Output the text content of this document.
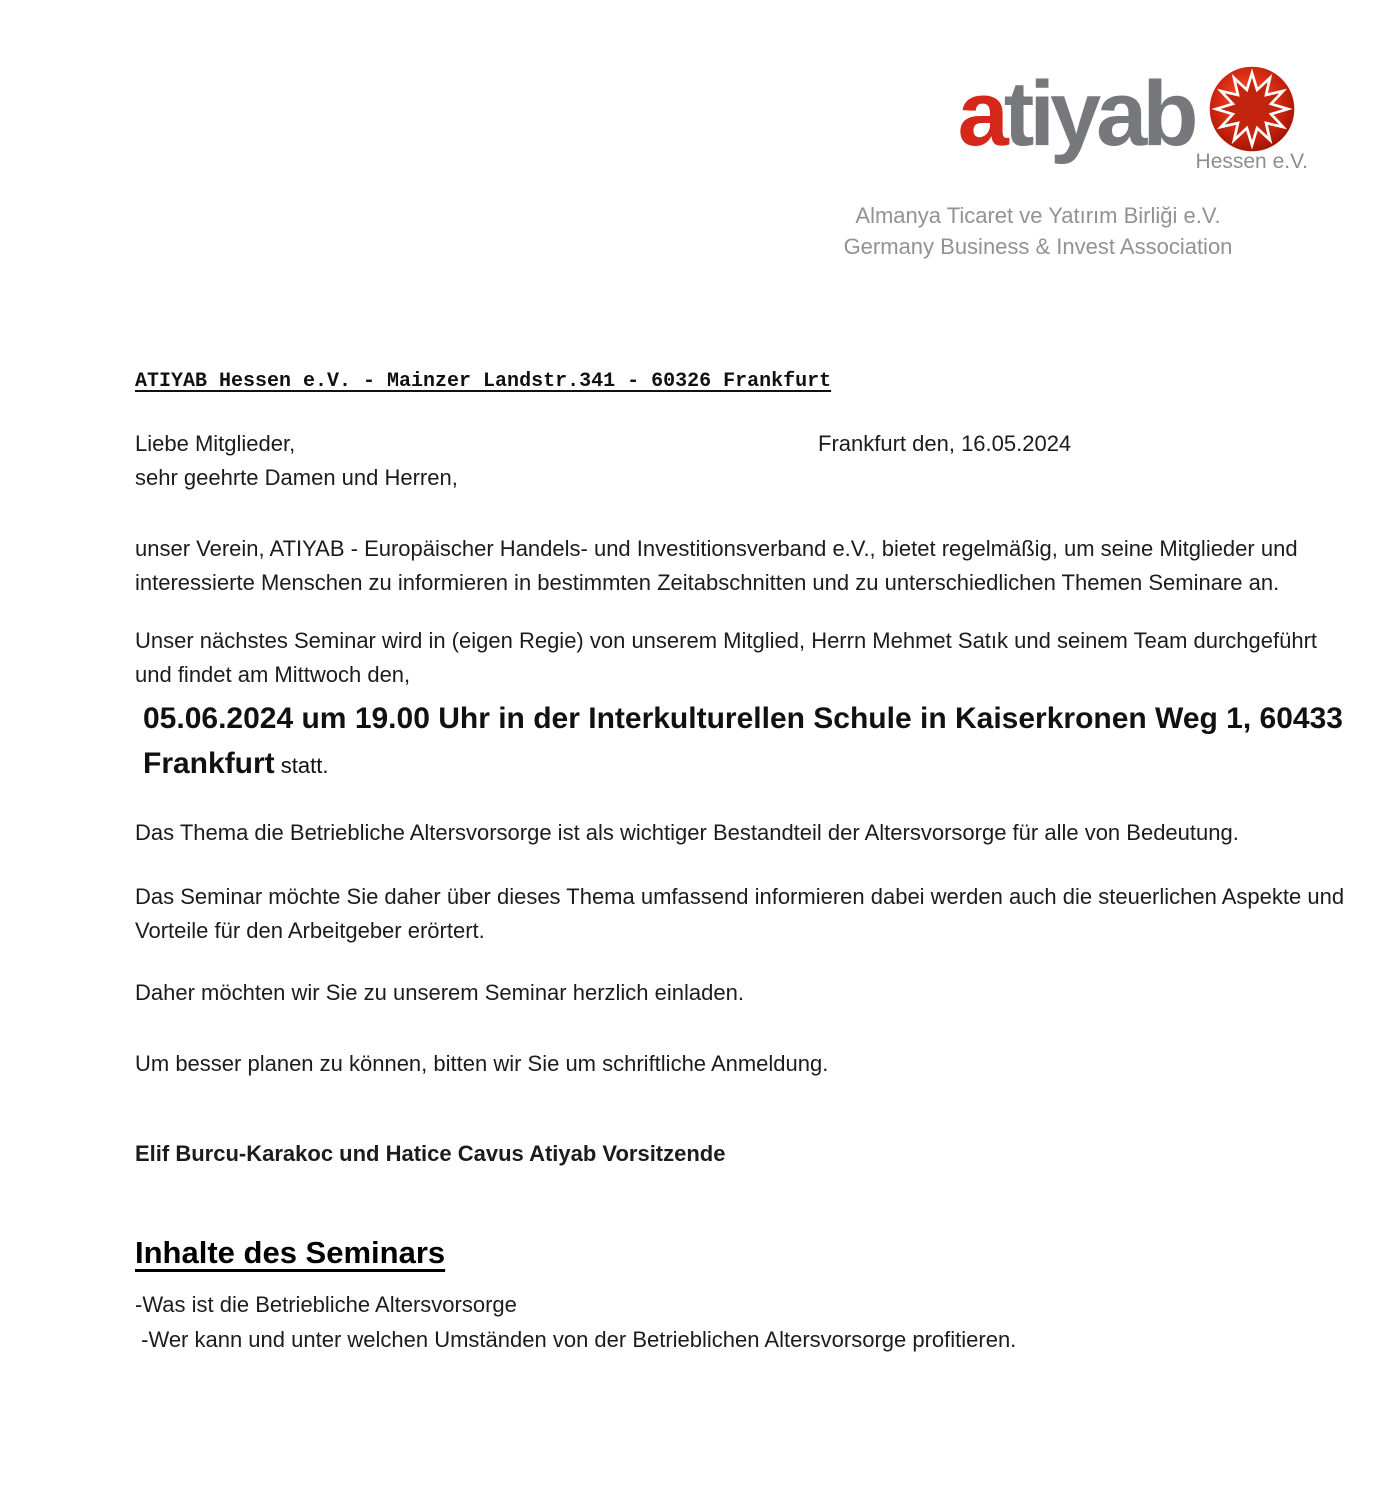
atiyab Hessen e.V.
Almanya Ticaret ve Yatırım Birliği e.V.
Germany Business & Invest Association

ATIYAB Hessen e.V. - Mainzer Landstr.341 - 60326 Frankfurt

Liebe Mitglieder,	Frankfurt den, 16.05.2024
sehr geehrte Damen und Herren,

unser Verein, ATIYAB - Europäischer Handels- und Investitionsverband e.V., bietet regelmäßig, um seine Mitglieder und interessierte Menschen zu informieren in bestimmten Zeitabschnitten und zu unterschiedlichen Themen Seminare an.

Unser nächstes Seminar wird in (eigen Regie) von unserem Mitglied, Herrn Mehmet Satık und seinem Team durchgeführt und findet am Mittwoch den,

05.06.2024 um 19.00 Uhr in der Interkulturellen Schule in Kaiserkronen Weg 1, 60433 Frankfurt statt.

Das Thema die Betriebliche Altersvorsorge ist als wichtiger Bestandteil der Altersvorsorge für alle von Bedeutung.

Das Seminar möchte Sie daher über dieses Thema umfassend informieren dabei werden auch die steuerlichen Aspekte und Vorteile für den Arbeitgeber erörtert.

Daher möchten wir Sie zu unserem Seminar herzlich einladen.

Um besser planen zu können, bitten wir Sie um schriftliche Anmeldung.

Elif Burcu-Karakoc und Hatice Cavus Atiyab Vorsitzende

Inhalte des Seminars
-Was ist die Betriebliche Altersvorsorge
-Wer kann und unter welchen Umständen von der Betrieblichen Altersvorsorge profitieren.
